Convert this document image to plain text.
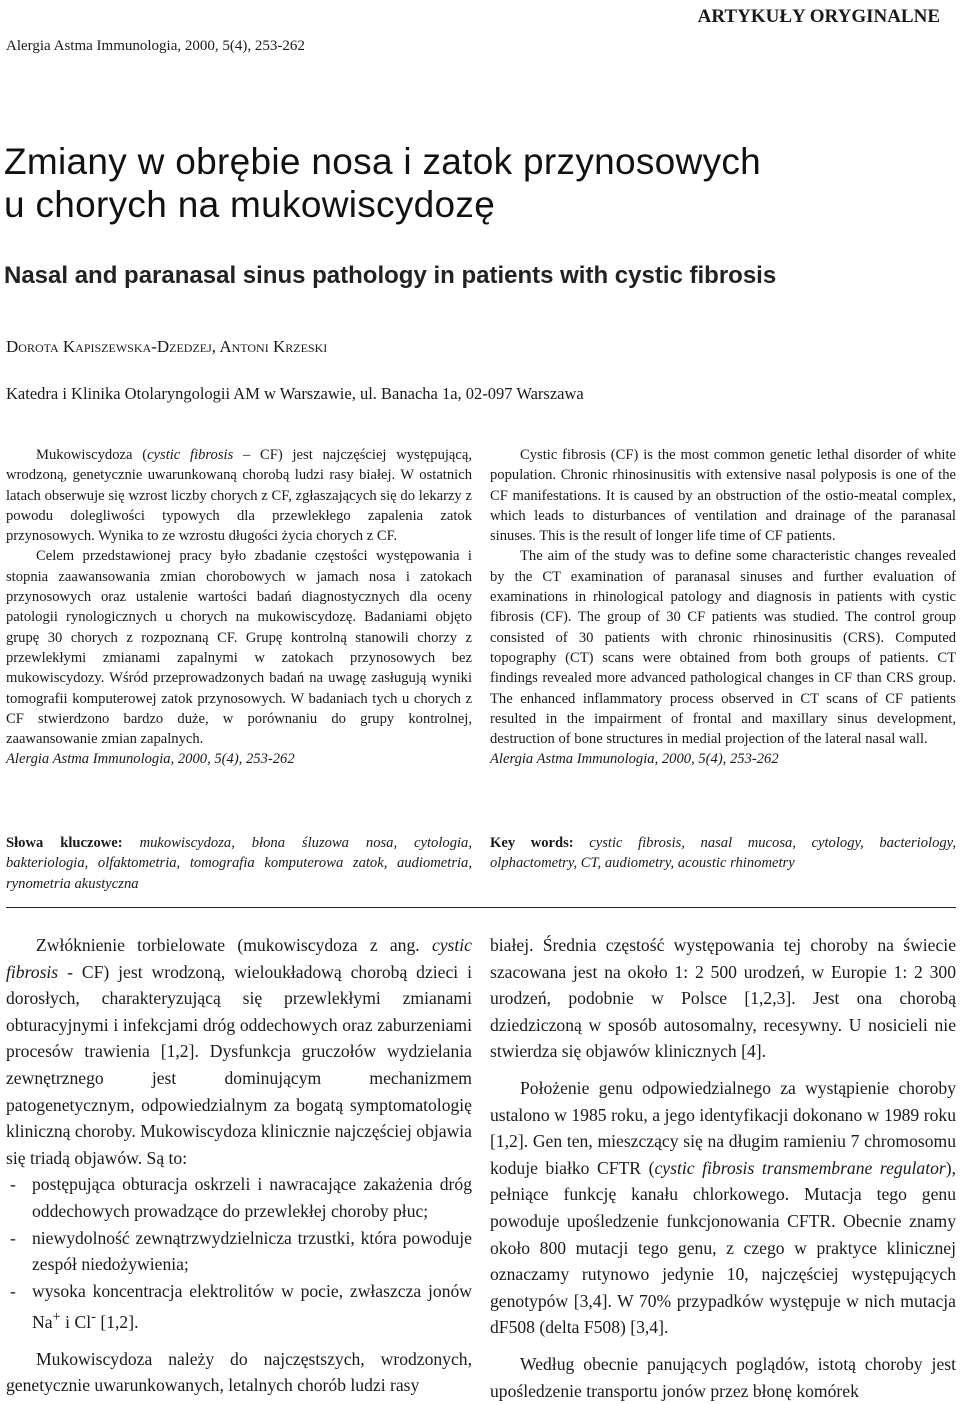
ARTYKUŁY ORYGINALNE
Alergia Astma Immunologia, 2000, 5(4), 253-262
Zmiany w obrębie nosa i zatok przynosowych
u chorych na mukowiscydozę
Nasal and paranasal sinus pathology in patients with cystic fibrosis
Dorota Kapiszewska-Dzedzej, Antoni Krzeski
Katedra i Klinika Otolaryngologii AM w Warszawie, ul. Banacha 1a, 02-097 Warszawa

Mukowiscydoza (cystic fibrosis – CF) jest najczęściej występującą, wrodzoną, genetycznie uwarunkowaną chorobą ludzi rasy białej. W ostatnich latach obserwuje się wzrost liczby chorych z CF, zgłaszających się do lekarzy z powodu dolegliwości typowych dla przewlekłego zapalenia zatok przynosowych. Wynika to ze wzrostu długości życia chorych z CF.

Celem przedstawionej pracy było zbadanie częstości występowania i stopnia zaawansowania zmian chorobowych w jamach nosa i zatokach przynosowych oraz ustalenie wartości badań diagnostycznych dla oceny patologii rynologicznych u chorych na mukowiscydozę. Badaniami objęto grupę 30 chorych z rozpoznaną CF. Grupę kontrolną stanowili chorzy z przewlekłymi zmianami zapalnymi w zatokach przynosowych bez mukowiscydozy. Wśród przeprowadzonych badań na uwagę zasługują wyniki tomografii komputerowej zatok przynosowych. W badaniach tych u chorych z CF stwierdzono bardzo duże, w porównaniu do grupy kontrolnej, zaawansowanie zmian zapalnych.

Alergia Astma Immunologia, 2000, 5(4), 253-262

Cystic fibrosis (CF) is the most common genetic lethal disorder of white population. Chronic rhinosinusitis with extensive nasal polyposis is one of the CF manifestations. It is caused by an obstruction of the ostio-meatal complex, which leads to disturbances of ventilation and drainage of the paranasal sinuses. This is the result of longer life time of CF patients.

The aim of the study was to define some characteristic changes revealed by the CT examination of paranasal sinuses and further evaluation of examinations in rhinological patology and diagnosis in patients with cystic fibrosis (CF). The group of 30 CF patients was studied. The control group consisted of 30 patients with chronic rhinosinusitis (CRS). Computed topography (CT) scans were obtained from both groups of patients. CT findings revealed more advanced pathological changes in CF than CRS group. The enhanced inflammatory process observed in CT scans of CF patients resulted in the impairment of frontal and maxillary sinus development, destruction of bone structures in medial projection of the lateral nasal wall.

Alergia Astma Immunologia, 2000, 5(4), 253-262

Słowa kluczowe: mukowiscydoza, błona śluzowa nosa, cytologia, bakteriologia, olfaktometria, tomografia komputerowa zatok, audiometria, rynometria akustyczna
Key words: cystic fibrosis, nasal mucosa, cytology, bacteriology, olphactometry, CT, audiometry, acoustic rhinometry

Zwłóknienie torbielowate (mukowiscydoza z ang. cystic fibrosis - CF) jest wrodzoną, wieloukładową chorobą dzieci i dorosłych, charakteryzującą się przewlekłymi zmianami obturacyjnymi i infekcjami dróg oddechowych oraz zaburzeniami procesów trawienia [1,2]. Dysfunkcja gruczołów wydzielania zewnętrznego jest dominującym mechanizmem patogenetycznym, odpowiedzialnym za bogatą symptomatologię kliniczną choroby. Mukowiscydoza klinicznie najczęściej objawia się triadą objawów. Są to:

- postępująca obturacja oskrzeli i nawracające zakażenia dróg oddechowych prowadzące do przewlekłej choroby płuc;
- niewydolność zewnątrzwydzielnicza trzustki, która powoduje zespół niedożywienia;
- wysoka koncentracja elektrolitów w pocie, zwłaszcza jonów Na+ i Cl- [1,2].

Mukowiscydoza należy do najczęstszych, wrodzonych, genetycznie uwarunkowanych, letalnych chorób ludzi rasy

białej. Średnia częstość występowania tej choroby na świecie szacowana jest na około 1: 2 500 urodzeń, w Europie 1: 2 300 urodzeń, podobnie w Polsce [1,2,3]. Jest ona chorobą dziedziczoną w sposób autosomalny, recesywny. U nosicieli nie stwierdza się objawów klinicznych [4].

Położenie genu odpowiedzialnego za wystąpienie choroby ustalono w 1985 roku, a jego identyfikacji dokonano w 1989 roku [1,2]. Gen ten, mieszczący się na długim ramieniu 7 chromosomu koduje białko CFTR (cystic fibrosis transmembrane regulator), pełniące funkcję kanału chlorkowego. Mutacja tego genu powoduje upośledzenie funkcjonowania CFTR. Obecnie znamy około 800 mutacji tego genu, z czego w praktyce klinicznej oznaczamy rutynowo jedynie 10, najczęściej występujących genotypów [3,4]. W 70% przypadków występuje w nich mutacja dF508 (delta F508) [3,4].

Według obecnie panujących poglądów, istotą choroby jest upośledzenie transportu jonów przez błonę komórek
